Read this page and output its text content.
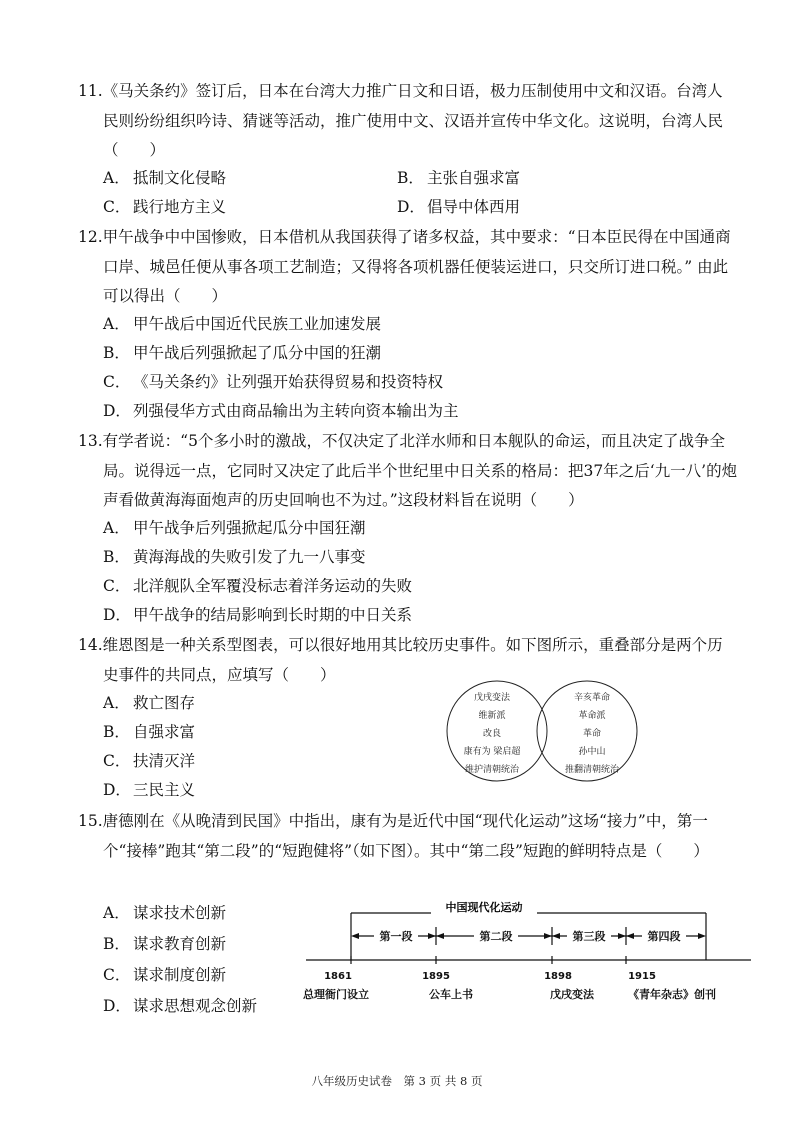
11.《马关条约》签订后，日本在台湾大力推广日文和日语，极力压制使用中文和汉语。台湾人民则纷纷组织吟诗、猜谜等活动，推广使用中文、汉语并宣传中华文化。这说明，台湾人民（　　）

A． 抵制文化侵略	B． 主张自强求富
C． 践行地方主义	D． 倡导中体西用

12.甲午战争中中国惨败，日本借机从我国获得了诸多权益，其中要求：“日本臣民得在中国通商口岸、城邑任便从事各项工艺制造；又得将各项机器任便装运进口，只交所订进口税。” 由此可以得出（　　）

A． 甲午战后中国近代民族工业加速发展
B． 甲午战后列强掀起了瓜分中国的狂潮
C． 《马关条约》让列强开始获得贸易和投资特权
D． 列强侵华方式由商品输出为主转向资本输出为主

13.有学者说：“5个多小时的激战，不仅决定了北洋水师和日本舰队的命运，而且决定了战争全局。说得远一点，它同时又决定了此后半个世纪里中日关系的格局：把37年之后‘九一八’的炮声看做黄海海面炮声的历史回响也不为过。”这段材料旨在说明（　　）

A． 甲午战争后列强掀起瓜分中国狂潮
B． 黄海海战的失败引发了九一八事变
C． 北洋舰队全军覆没标志着洋务运动的失败
D． 甲午战争的结局影响到长时期的中日关系

14.维恩图是一种关系型图表，可以很好地用其比较历史事件。如下图所示，重叠部分是两个历史事件的共同点，应填写（　　）

A． 救亡图存
B． 自强求富
C． 扶清灭洋
D． 三民主义
戊戌变法
维新派
改良
康有为 梁启超
维护清朝统治
辛亥革命
革命派
革命
孙中山
推翻清朝统治

15.唐德刚在《从晚清到民国》中指出，康有为是近代中国“现代化运动”这场“接力”中，第一个“接棒”跑其“第二段”的“短跑健将”（如下图）。其中“第二段”短跑的鲜明特点是（　　）

A． 谋求技术创新
B． 谋求教育创新
C． 谋求制度创新
D． 谋求思想观念创新
中国现代化运动
第一段	第二段	第三段	第四段
1861	1895	1898	1915
总理衙门设立	公车上书	戊戌变法	《青年杂志》创刊
八年级历史试卷　第 3 页 共 8 页
